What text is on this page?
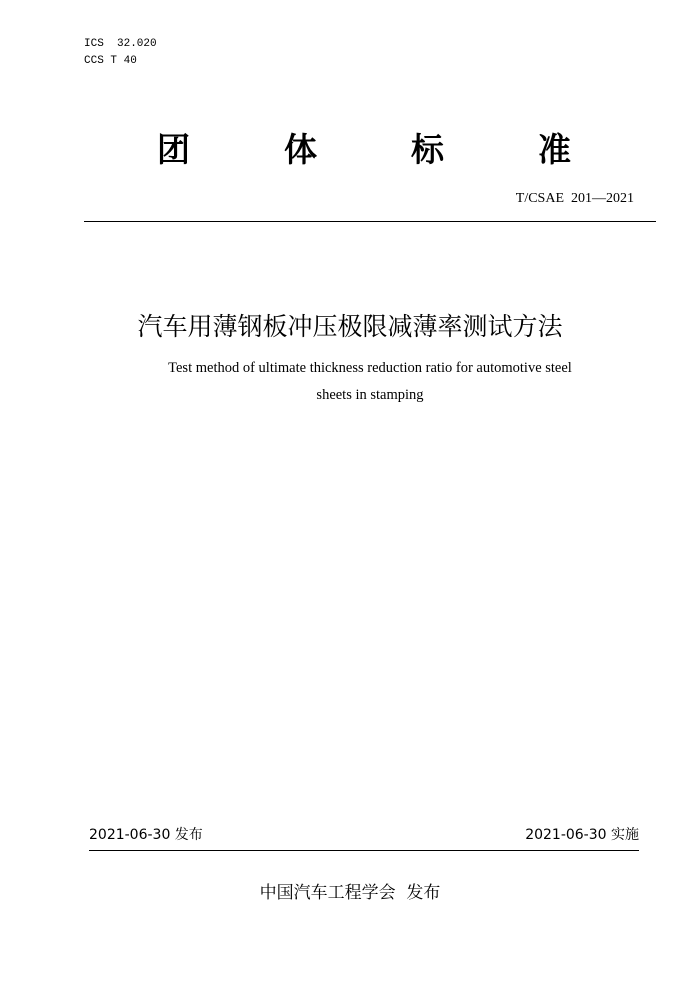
ICS  32.020
CCS T 40
团	体	标	准
T/CSAE  201—2021
汽车用薄钢板冲压极限减薄率测试方法
Test method of ultimate thickness reduction ratio for automotive steel
sheets in stamping
2021-06-30 发布	2021-06-30 实施
中国汽车工程学会  发布
